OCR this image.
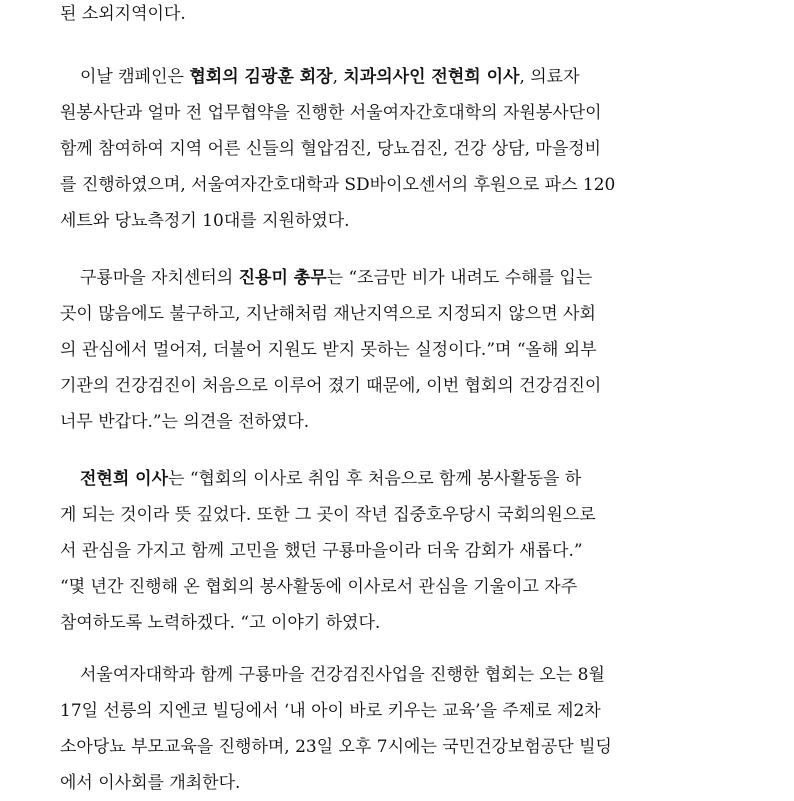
된 소외지역이다.
이날 캠페인은 협회의 김광훈 회장, 치과의사인 전현희 이사, 의료자
원봉사단과 얼마 전 업무협약을 진행한 서울여자간호대학의 자원봉사단이
함께 참여하여 지역 어른 신들의 혈압검진, 당뇨검진, 건강 상담, 마을정비
를 진행하였으며, 서울여자간호대학과 SD바이오센서의 후원으로 파스 120
세트와 당뇨측정기 10대를 지원하였다.
구룡마을 자치센터의 진용미 총무는 “조금만 비가 내려도 수해를 입는
곳이 많음에도 불구하고, 지난해처럼 재난지역으로 지정되지 않으면 사회
의 관심에서 멀어져, 더불어 지원도 받지 못하는 실정이다.”며 “올해 외부
기관의 건강검진이 처음으로 이루어 졌기 때문에, 이번 협회의 건강검진이
너무 반갑다.”는 의견을 전하였다.
전현희 이사는 “협회의 이사로 취임 후 처음으로 함께 봉사활동을 하
게 되는 것이라 뜻 깊었다. 또한 그 곳이 작년 집중호우당시 국회의원으로
서 관심을 가지고 함께 고민을 했던 구룡마을이라 더욱 감회가 새롭다.”
“몇 년간 진행해 온 협회의 봉사활동에 이사로서 관심을 기울이고 자주
참여하도록 노력하겠다. “고 이야기 하였다.
서울여자대학과 함께 구룡마을 건강검진사업을 진행한 협회는 오는 8월
17일 선릉의 지엔코 빌딩에서 ‘내 아이 바로 키우는 교육’을 주제로 제2차
소아당뇨 부모교육을 진행하며, 23일 오후 7시에는 국민건강보험공단 빌딩
에서 이사회를 개최한다.
